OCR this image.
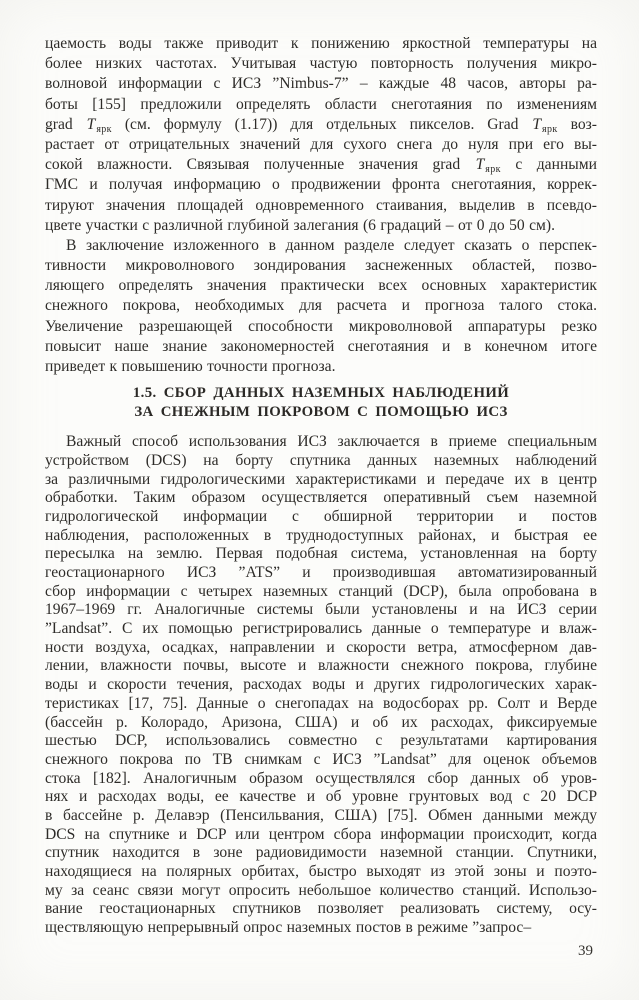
цаемость воды также приводит к понижению яркостной температуры на
более низких частотах. Учитывая частую повторность получения микро-
волновой информации с ИСЗ ”Nimbus-7” – каждые 48 часов, авторы ра-
боты [155] предложили определять области снеготаяния по изменениям
grad $T_{ярк}$ (см. формулу (1.17)) для отдельных пикселов. Grad $T_{ярк}$ воз-
растает от отрицательных значений для сухого снега до нуля при его вы-
сокой влажности. Связывая полученные значения grad $T_{ярк}$ с данными
ГМС и получая информацию о продвижении фронта снеготаяния, коррек-
тируют значения площадей одновременного стаивания, выделив в псевдо-
цвете участки с различной глубиной залегания (6 градаций – от 0 до 50 см).
В заключение изложенного в данном разделе следует сказать о перспек-
тивности микроволнового зондирования заснеженных областей, позво-
ляющего определять значения практически всех основных характеристик
снежного покрова, необходимых для расчета и прогноза талого стока.
Увеличение разрешающей способности микроволновой аппаратуры резко
повысит наше знание закономерностей снеготаяния и в конечном итоге
приведет к повышению точности прогноза.
1.5. СБОР ДАННЫХ НАЗЕМНЫХ НАБЛЮДЕНИЙ
ЗА СНЕЖНЫМ ПОКРОВОМ С ПОМОЩЬЮ ИСЗ
Важный способ использования ИСЗ заключается в приеме специальным
устройством (DCS) на борту спутника данных наземных наблюдений
за различными гидрологическими характеристиками и передаче их в центр
обработки. Таким образом осуществляется оперативный съем наземной
гидрологической информации с обширной территории и постов
наблюдения, расположенных в труднодоступных районах, и быстрая ее
пересылка на землю. Первая подобная система, установленная на борту
геостационарного ИСЗ ”ATS” и производившая автоматизированный
сбор информации с четырех наземных станций (DCP), была опробована в
1967–1969 гг. Аналогичные системы были установлены и на ИСЗ серии
”Landsat”. С их помощью регистрировались данные о температуре и влаж-
ности воздуха, осадках, направлении и скорости ветра, атмосферном дав-
лении, влажности почвы, высоте и влажности снежного покрова, глубине
воды и скорости течения, расходах воды и других гидрологических харак-
теристиках [17, 75]. Данные о снегопадах на водосборах рр. Солт и Верде
(бассейн р. Колорадо, Аризона, США) и об их расходах, фиксируемые
шестью DCP, использовались совместно с результатами картирования
снежного покрова по ТВ снимкам с ИСЗ ”Landsat” для оценок объемов
стока [182]. Аналогичным образом осуществлялся сбор данных об уров-
нях и расходах воды, ее качестве и об уровне грунтовых вод с 20 DCP
в бассейне р. Делавэр (Пенсильвания, США) [75]. Обмен данными между
DCS на спутнике и DCP или центром сбора информации происходит, когда
спутник находится в зоне радиовидимости наземной станции. Спутники,
находящиеся на полярных орбитах, быстро выходят из этой зоны и поэто-
му за сеанс связи могут опросить небольшое количество станций. Использо-
вание геостационарных спутников позволяет реализовать систему, осу-
ществляющую непрерывный опрос наземных постов в режиме ”запрос–
39
